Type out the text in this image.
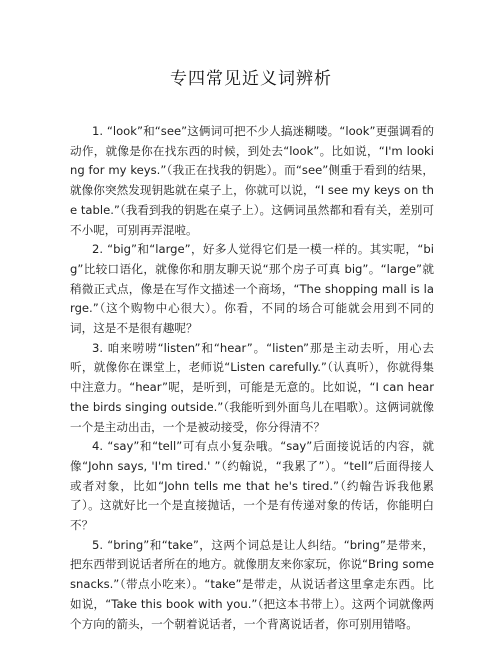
专四常见近义词辨析

1. “look”和“see”这俩词可把不少人搞迷糊喽。“look”更强调看的动作，就像是你在找东西的时候，到处去“look”。比如说，“I'm looking for my keys.”（我正在找我的钥匙）。而“see”侧重于看到的结果，就像你突然发现钥匙就在桌子上，你就可以说，“I see my keys on the table.”（我看到我的钥匙在桌子上）。这俩词虽然都和看有关，差别可不小呢，可别再弄混啦。

2. “big”和“large”，好多人觉得它们是一模一样的。其实呢，“big”比较口语化，就像你和朋友聊天说“那个房子可真 big”。“large”就稍微正式点，像是在写作文描述一个商场，“The shopping mall is large.”（这个购物中心很大）。你看，不同的场合可能就会用到不同的词，这是不是很有趣呢？

3. 咱来唠唠“listen”和“hear”。“listen”那是主动去听，用心去听，就像你在课堂上，老师说“Listen carefully.”（认真听），你就得集中注意力。“hear”呢，是听到，可能是无意的。比如说，“I can hear the birds singing outside.”（我能听到外面鸟儿在唱歌）。这俩词就像一个是主动出击，一个是被动接受，你分得清不？

4. “say”和“tell”可有点小复杂哦。“say”后面接说话的内容，就像“John says, 'I'm tired.' ”（约翰说，“我累了”）。“tell”后面得接人或者对象，比如“John tells me that he's tired.”（约翰告诉我他累了）。这就好比一个是直接抛话，一个是有传递对象的传话，你能明白不？

5. “bring”和“take”，这两个词总是让人纠结。“bring”是带来，把东西带到说话者所在的地方。就像朋友来你家玩，你说“Bring some snacks.”（带点小吃来）。“take”是带走，从说话者这里拿走东西。比如说，“Take this book with you.”（把这本书带上）。这两个词就像两个方向的箭头，一个朝着说话者，一个背离说话者，你可别用错咯。
